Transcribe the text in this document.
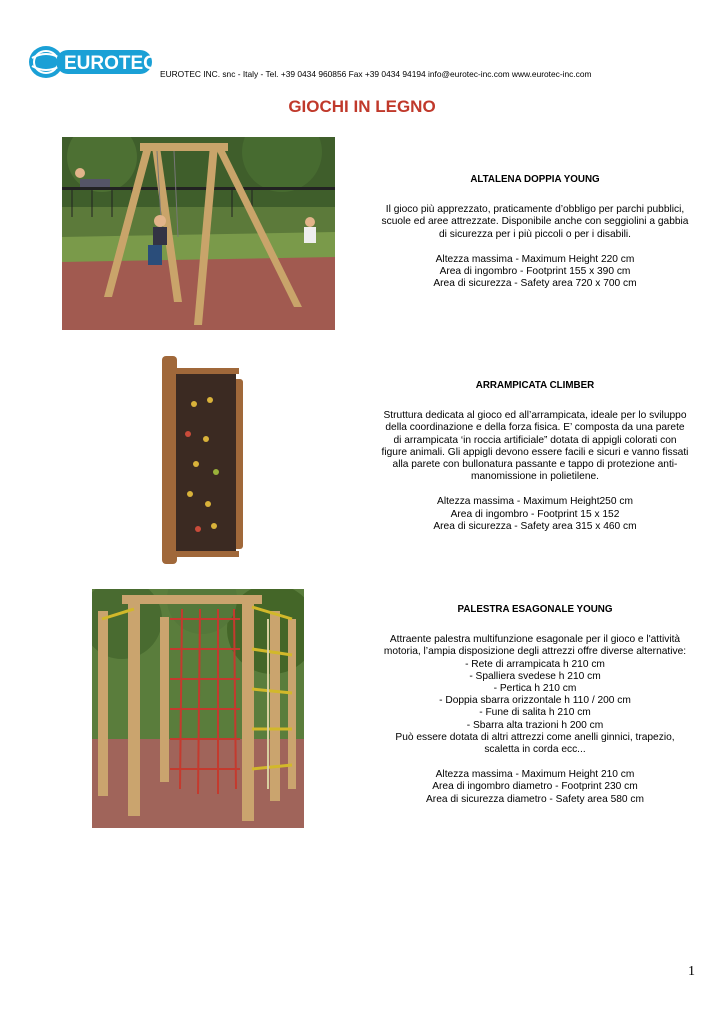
EUROTEC EUROTEC INC. snc - Italy - Tel. +39 0434 960856 Fax +39 0434 94194 info@eurotec-inc.com www.eurotec-inc.com
GIOCHI IN LEGNO
ALTALENA DOPPIA YOUNG

Il gioco più apprezzato, praticamente d’obbligo per parchi pubblici,

scuole ed aree attrezzate. Disponibile anche con seggiolini a gabbia

di sicurezza per i più piccoli o per i disabili.

Altezza massima - Maximum Height 220 cm

Area di ingombro - Footprint 155 x 390 cm

Area di sicurezza - Safety area 720 x 700 cm

ARRAMPICATA CLIMBER

Struttura dedicata al gioco ed all’arrampicata, ideale per lo sviluppo

della coordinazione e della forza fisica. E’ composta da una parete

di arrampicata ‘in roccia artificiale” dotata di appigli colorati con

figure animali. Gli appigli devono essere facili e sicuri e vanno fissati

alla parete con bullonatura passante e tappo di protezione anti-

manomissione in polietilene.

Altezza massima - Maximum Height250 cm

Area di ingombro - Footprint 15 x 152

Area di sicurezza - Safety area 315 x 460 cm

PALESTRA ESAGONALE YOUNG

Attraente palestra multifunzione esagonale per il gioco e l'attività

motoria, l’ampia disposizione degli attrezzi offre diverse alternative:

- Rete di arrampicata h 210 cm

- Spalliera svedese h 210 cm

- Pertica h 210 cm

- Doppia sbarra orizzontale h 110 / 200 cm

- Fune di salita h 210 cm

- Sbarra alta trazioni h 200 cm

Può essere dotata di altri attrezzi come anelli ginnici, trapezio,

scaletta in corda ecc...

Altezza massima - Maximum Height 210 cm

Area di ingombro diametro - Footprint 230 cm

Area di sicurezza diametro - Safety area 580 cm

1
